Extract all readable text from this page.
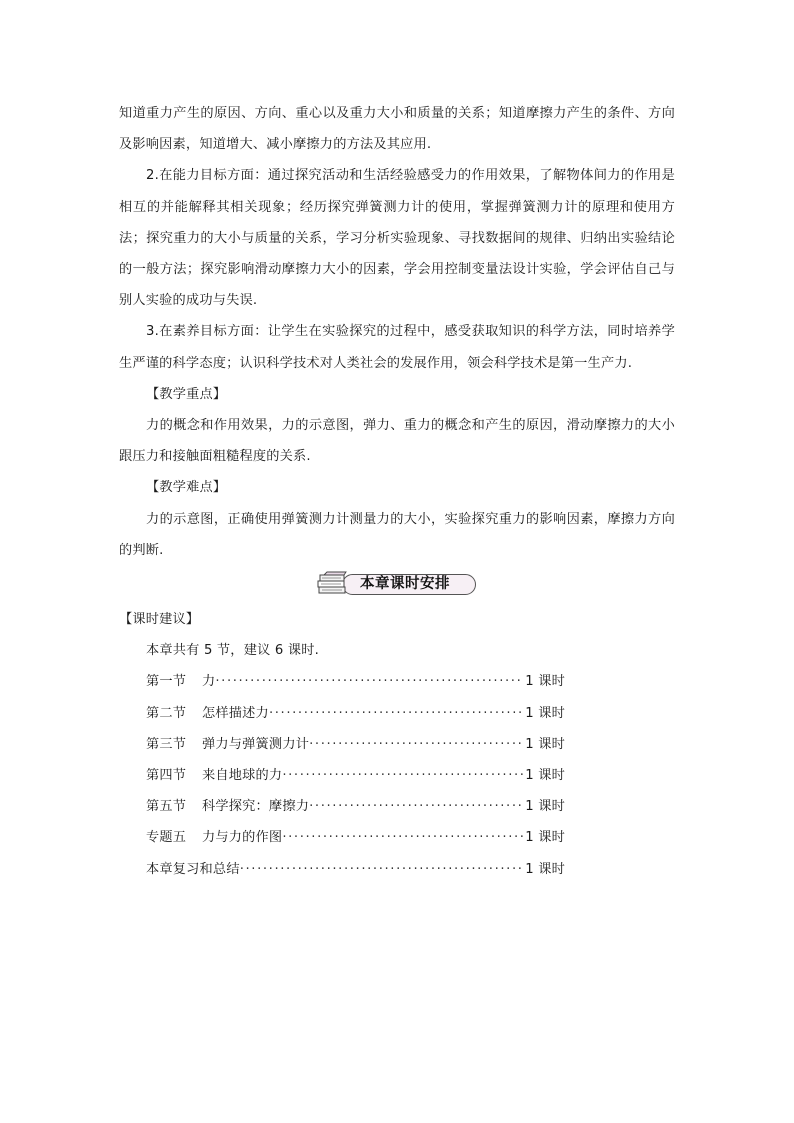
知道重力产生的原因、方向、重心以及重力大小和质量的关系；知道摩擦力产生的条件、方向及影响因素，知道增大、减小摩擦力的方法及其应用.

2.在能力目标方面：通过探究活动和生活经验感受力的作用效果，了解物体间力的作用是相互的并能解释其相关现象；经历探究弹簧测力计的使用，掌握弹簧测力计的原理和使用方法；探究重力的大小与质量的关系，学习分析实验现象、寻找数据间的规律、归纳出实验结论的一般方法；探究影响滑动摩擦力大小的因素，学会用控制变量法设计实验，学会评估自己与别人实验的成功与失误.

3.在素养目标方面：让学生在实验探究的过程中，感受获取知识的科学方法，同时培养学生严谨的科学态度；认识科学技术对人类社会的发展作用，领会科学技术是第一生产力.

【教学重点】

力的概念和作用效果，力的示意图，弹力、重力的概念和产生的原因，滑动摩擦力的大小跟压力和接触面粗糙程度的关系.

【教学难点】

力的示意图，正确使用弹簧测力计测量力的大小，实验探究重力的影响因素，摩擦力方向的判断.

本章课时安排

【课时建议】

本章共有 5 节，建议 6 课时.

第一节	力 ·····	1 课时
第二节	怎样描述力 ·····	1 课时
第三节	弹力与弹簧测力计 ·····	1 课时
第四节	来自地球的力 ·····	1 课时
第五节	科学探究：摩擦力 ·····	1 课时
专题五	力与力的作图 ·····	1 课时
本章复习和总结 ·····	1 课时
